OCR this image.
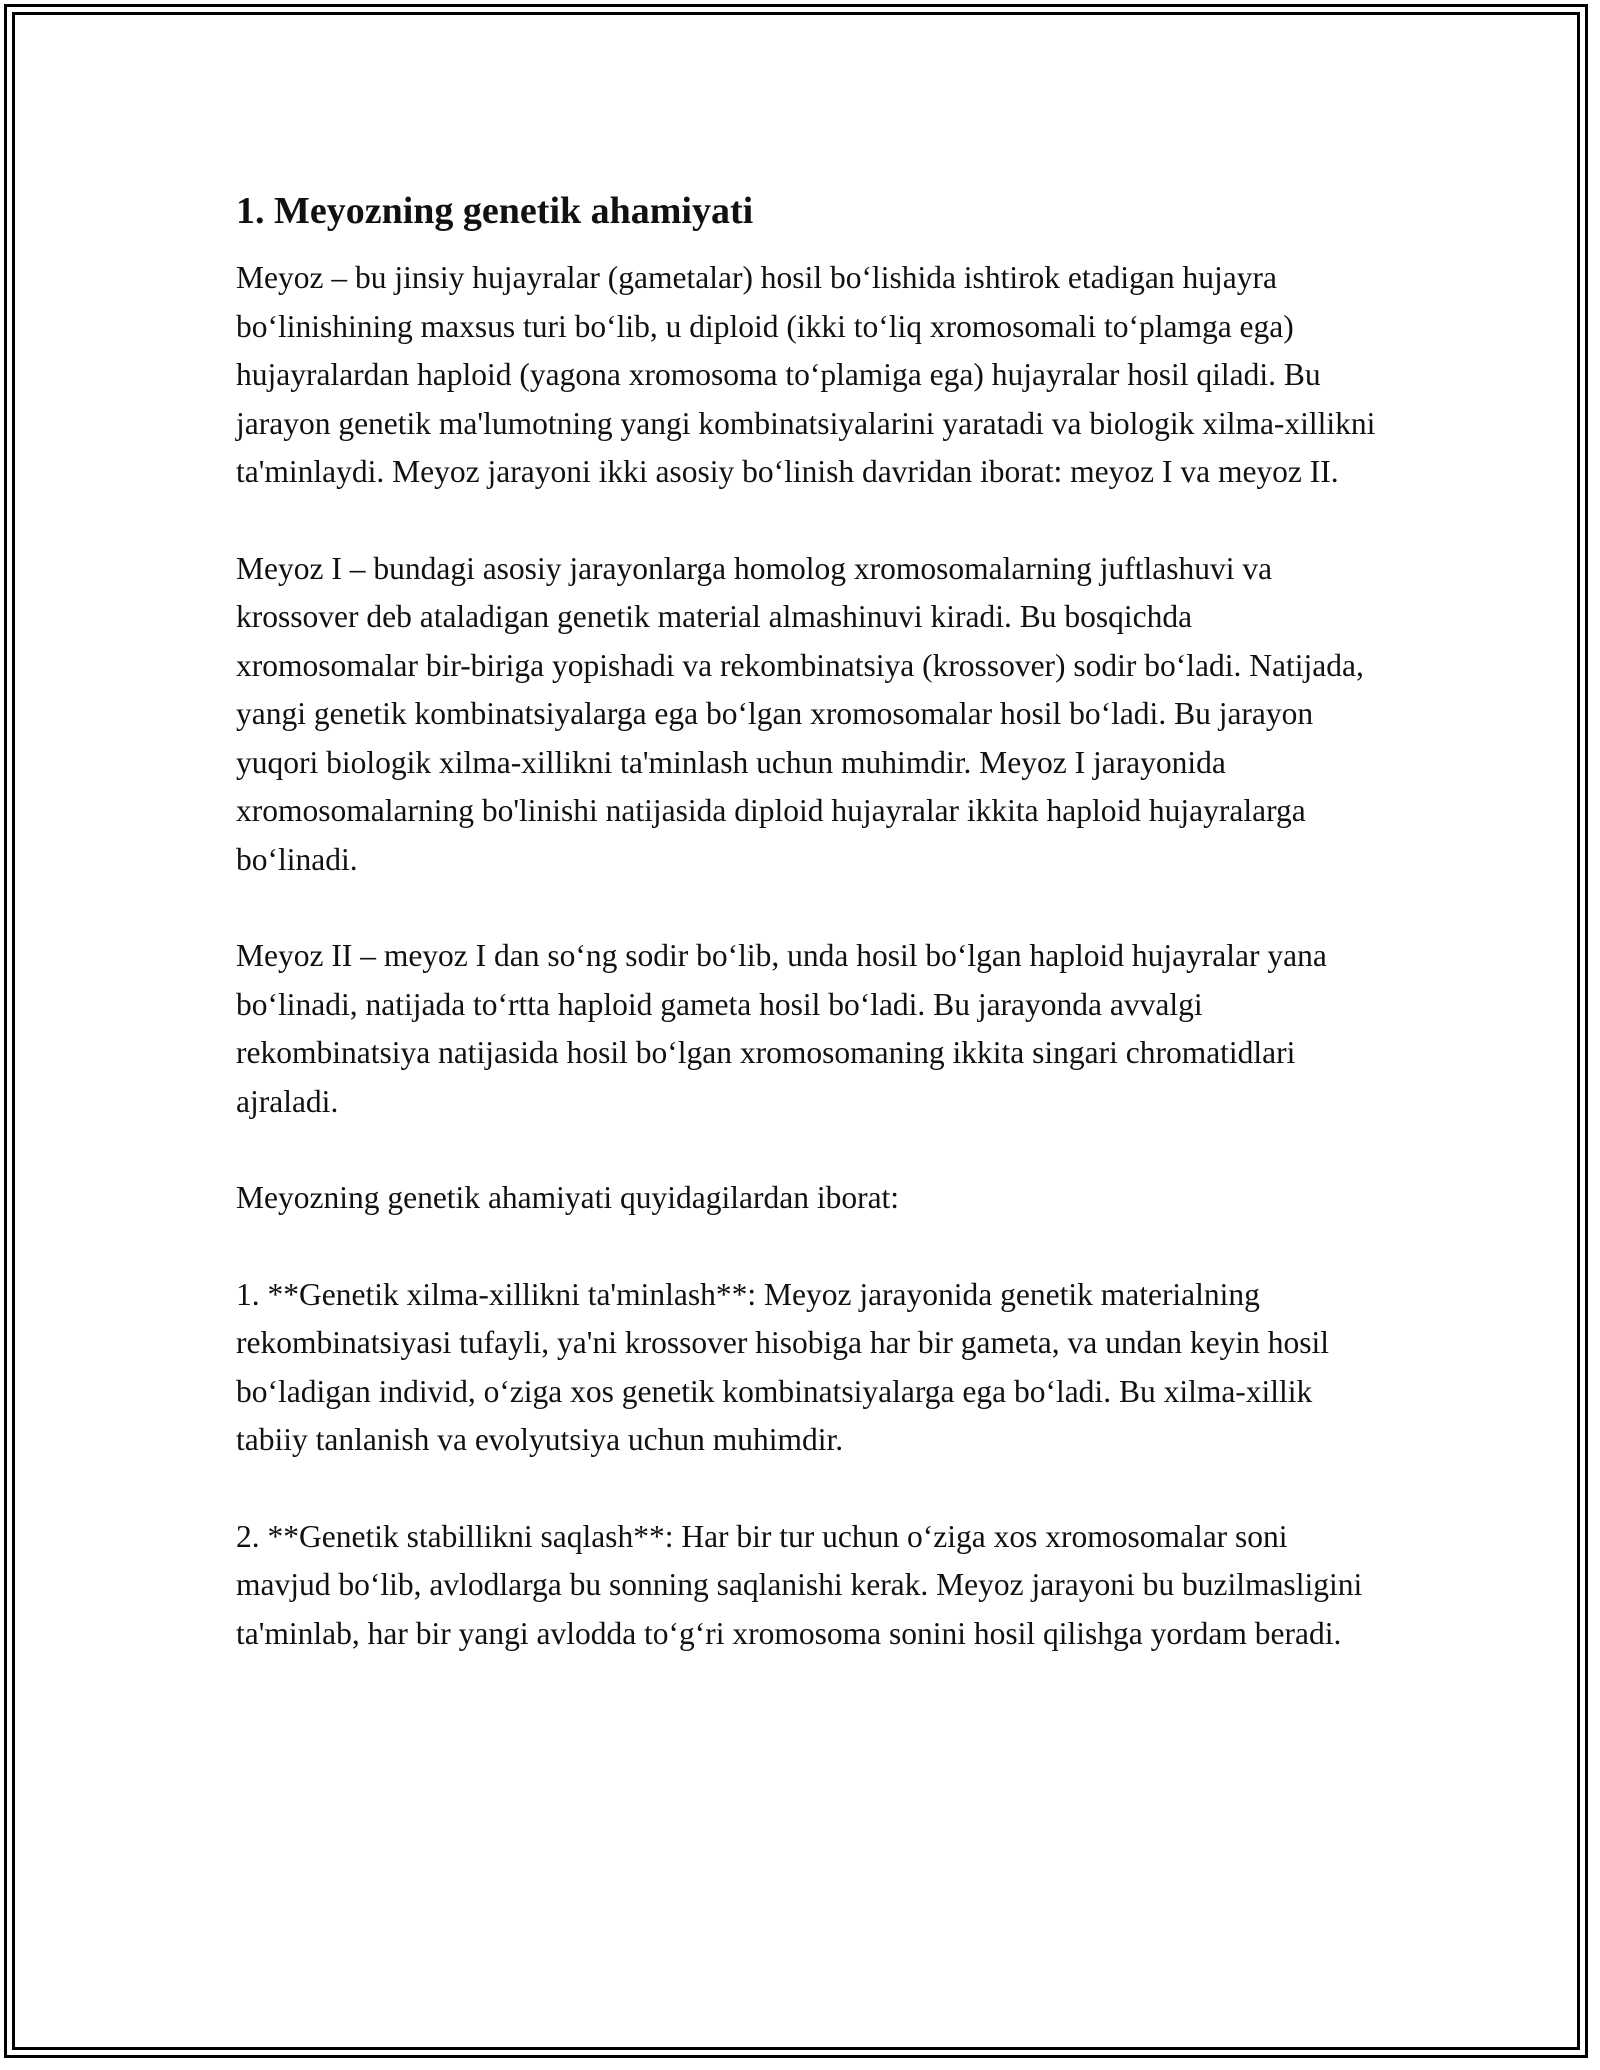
1. Meyozning genetik ahamiyati

Meyoz – bu jinsiy hujayralar (gametalar) hosil bo‘lishida ishtirok etadigan hujayra bo‘linishining maxsus turi bo‘lib, u diploid (ikki to‘liq xromosomali to‘plamga ega) hujayralardan haploid (yagona xromosoma to‘plamiga ega) hujayralar hosil qiladi. Bu jarayon genetik ma'lumotning yangi kombinatsiyalarini yaratadi va biologik xilma-xillikni ta'minlaydi. Meyoz jarayoni ikki asosiy bo‘linish davridan iborat: meyoz I va meyoz II.

Meyoz I – bundagi asosiy jarayonlarga homolog xromosomalarning juftlashuvi va krossover deb ataladigan genetik material almashinuvi kiradi. Bu bosqichda xromosomalar bir-biriga yopishadi va rekombinatsiya (krossover) sodir bo‘ladi. Natijada, yangi genetik kombinatsiyalarga ega bo‘lgan xromosomalar hosil bo‘ladi. Bu jarayon yuqori biologik xilma-xillikni ta'minlash uchun muhimdir. Meyoz I jarayonida xromosomalarning bo'linishi natijasida diploid hujayralar ikkita haploid hujayralarga bo‘linadi.

Meyoz II – meyoz I dan so‘ng sodir bo‘lib, unda hosil bo‘lgan haploid hujayralar yana bo‘linadi, natijada to‘rtta haploid gameta hosil bo‘ladi. Bu jarayonda avvalgi rekombinatsiya natijasida hosil bo‘lgan xromosomaning ikkita singari chromatidlari ajraladi.

Meyozning genetik ahamiyati quyidagilardan iborat:

1. **Genetik xilma-xillikni ta'minlash**: Meyoz jarayonida genetik materialning rekombinatsiyasi tufayli, ya'ni krossover hisobiga har bir gameta, va undan keyin hosil bo‘ladigan individ, o‘ziga xos genetik kombinatsiyalarga ega bo‘ladi. Bu xilma-xillik tabiiy tanlanish va evolyutsiya uchun muhimdir.

2. **Genetik stabillikni saqlash**: Har bir tur uchun o‘ziga xos xromosomalar soni mavjud bo‘lib, avlodlarga bu sonning saqlanishi kerak. Meyoz jarayoni bu buzilmasligini ta'minlab, har bir yangi avlodda to‘g‘ri xromosoma sonini hosil qilishga yordam beradi.
